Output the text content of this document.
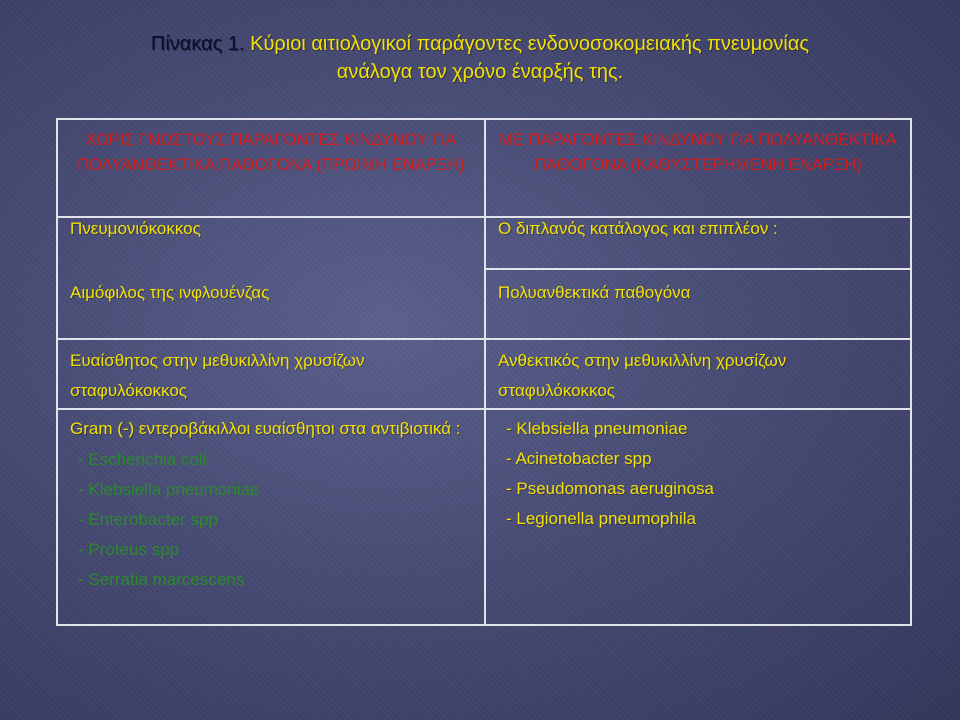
Πίνακας 1. Κύριοι αιτιολογικοί παράγοντες ενδονοσοκομειακής πνευμονίας
ανάλογα τον χρόνο έναρξής της.
ΧΩΡΙΣ ΓΝΩΣΤΟΥΣ ΠΑΡΑΓΟΝΤΕΣ ΚΙΝΔΥΝΟΥ ΓΙΑ ΠΟΛΥΑΝΘΕΚΤΙΚΑ ΠΑΘΟΓΟΝΑ (ΠΡΩΙΜΗ ΕΝΑΡΞΗ)
Πνευμονιόκοκκος
Αιμόφιλος της ινφλουένζας
Ευαίσθητος στην μεθυκιλλίνη χρυσίζων σταφυλόκοκκος
Gram (-) εντεροβάκιλλοι ευαίσθητοι στα αντιβιοτικά :
- Escherichia coli
- Klebsiella pneumoniae
- Enterobacter spp
- Proteus spp
- Serratia marcescens
ΜΕ ΠΑΡΑΓΟΝΤΕΣ ΚΙΝΔΥΝΟΥ ΓΙΑ ΠΟΛΥΑΝΘΕΚΤΙΚΑ ΠΑΘΟΓΟΝΑ (ΚΑΘΥΣΤΕΡΗΜΕΝΗ ΕΝΑΡΞΗ)
Ο διπλανός κατάλογος και επιπλέον :
Πολυανθεκτικά παθογόνα
Ανθεκτικός στην μεθυκιλλίνη χρυσίζων σταφυλόκοκκος
- Klebsiella pneumoniae
- Acinetobacter spp
- Pseudomonas aeruginosa
- Legionella pneumophila
